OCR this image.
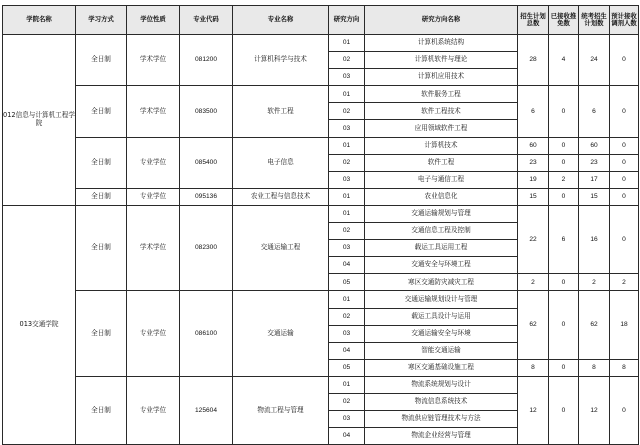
学院名称	学习方式	学位性质	专业代码	专业名称	研究方向	研究方向名称	招生计划总数	已接收推免数	统考招生计划数	预计接收调剂人数
012信息与计算机工程学院	全日制	学术学位	081200	计算机科学与技术	01	计算机系统结构	28	4	24	0
					02	计算机软件与理论				
					03	计算机应用技术				
	全日制	学术学位	083500	软件工程	01	软件服务工程	6	0	6	0
					02	软件工程技术				
					03	应用领域软件工程				
	全日制	专业学位	085400	电子信息	01	计算机技术	60	0	60	0
					02	软件工程	23	0	23	0
					03	电子与通信工程	19	2	17	0
	全日制	专业学位	095136	农业工程与信息技术	01	农业信息化	15	0	15	0
013交通学院	全日制	学术学位	082300	交通运输工程	01	交通运输规划与管理	22	6	16	0
					02	交通信息工程及控制				
					03	载运工具运用工程				
					04	交通安全与环境工程				
					05	寒区交通防灾减灾工程	2	0	2	2
	全日制	专业学位	086100	交通运输	01	交通运输规划设计与管理	62	0	62	18
					02	载运工具设计与运用				
					03	交通运输安全与环境				
					04	智能交通运输				
					05	寒区交通基础设施工程	8	0	8	8
	全日制	专业学位	125604	物流工程与管理	01	物流系统规划与设计	12	0	12	0
					02	物流信息系统技术				
					03	物流供应链管理技术与方法				
					04	物流企业经营与管理				
